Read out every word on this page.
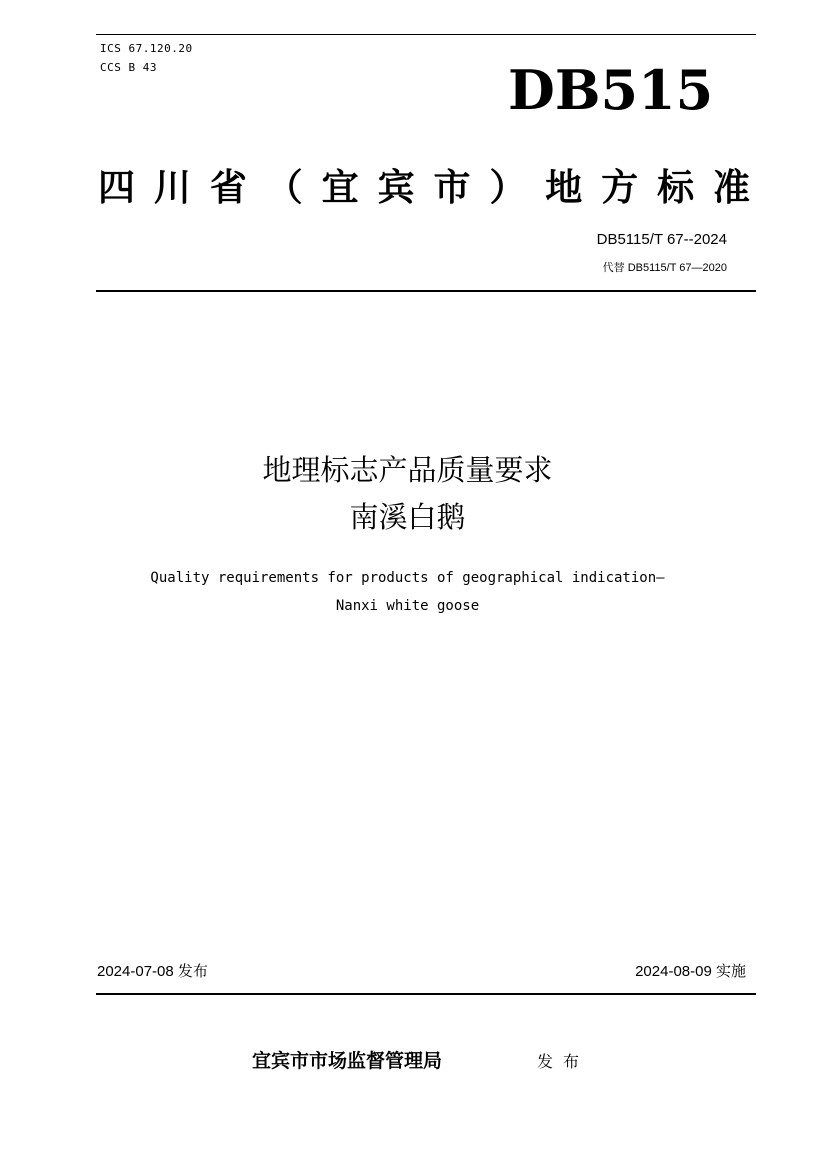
ICS 67.120.20
CCS B 43	DB515
四 川 省 （ 宜 宾 市 ） 地 方 标 准
DB5115/T 67--2024
代替 DB5115/T 67—2020
地理标志产品质量要求
南溪白鹅
Quality requirements for products of geographical indication—
Nanxi white goose
2024-07-08 发布	2024-08-09 实施
宜宾市市场监督管理局	发布
